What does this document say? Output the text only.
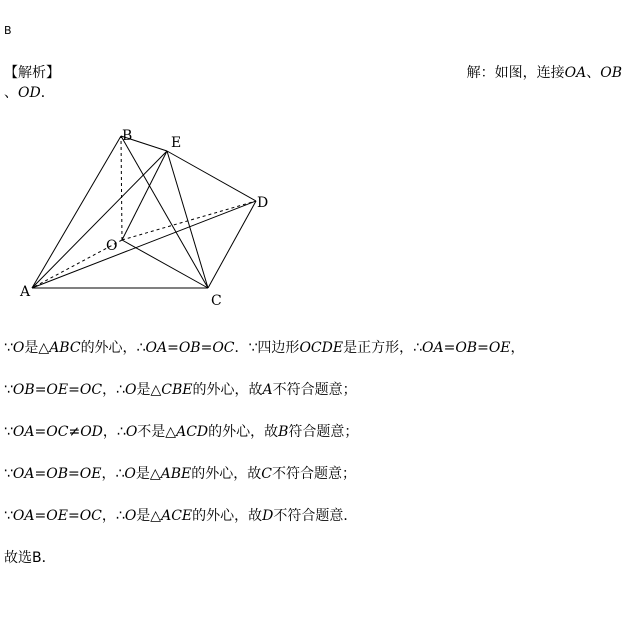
B
【解析】	解：如图，连接OA、OB
、OD．
B	E
D
O
A
C
∵O是△ABC的外心，∴OA=OB=OC．∵四边形OCDE是正方形，∴OA=OB=OE，
∵OB=OE=OC，∴O是△CBE的外心，故A不符合题意；
∵OA=OC≠OD，∴O不是△ACD的外心，故B符合题意；
∵OA=OB=OE，∴O是△ABE的外心，故C不符合题意；
∵OA=OE=OC，∴O是△ACE的外心，故D不符合题意．
故选B．
